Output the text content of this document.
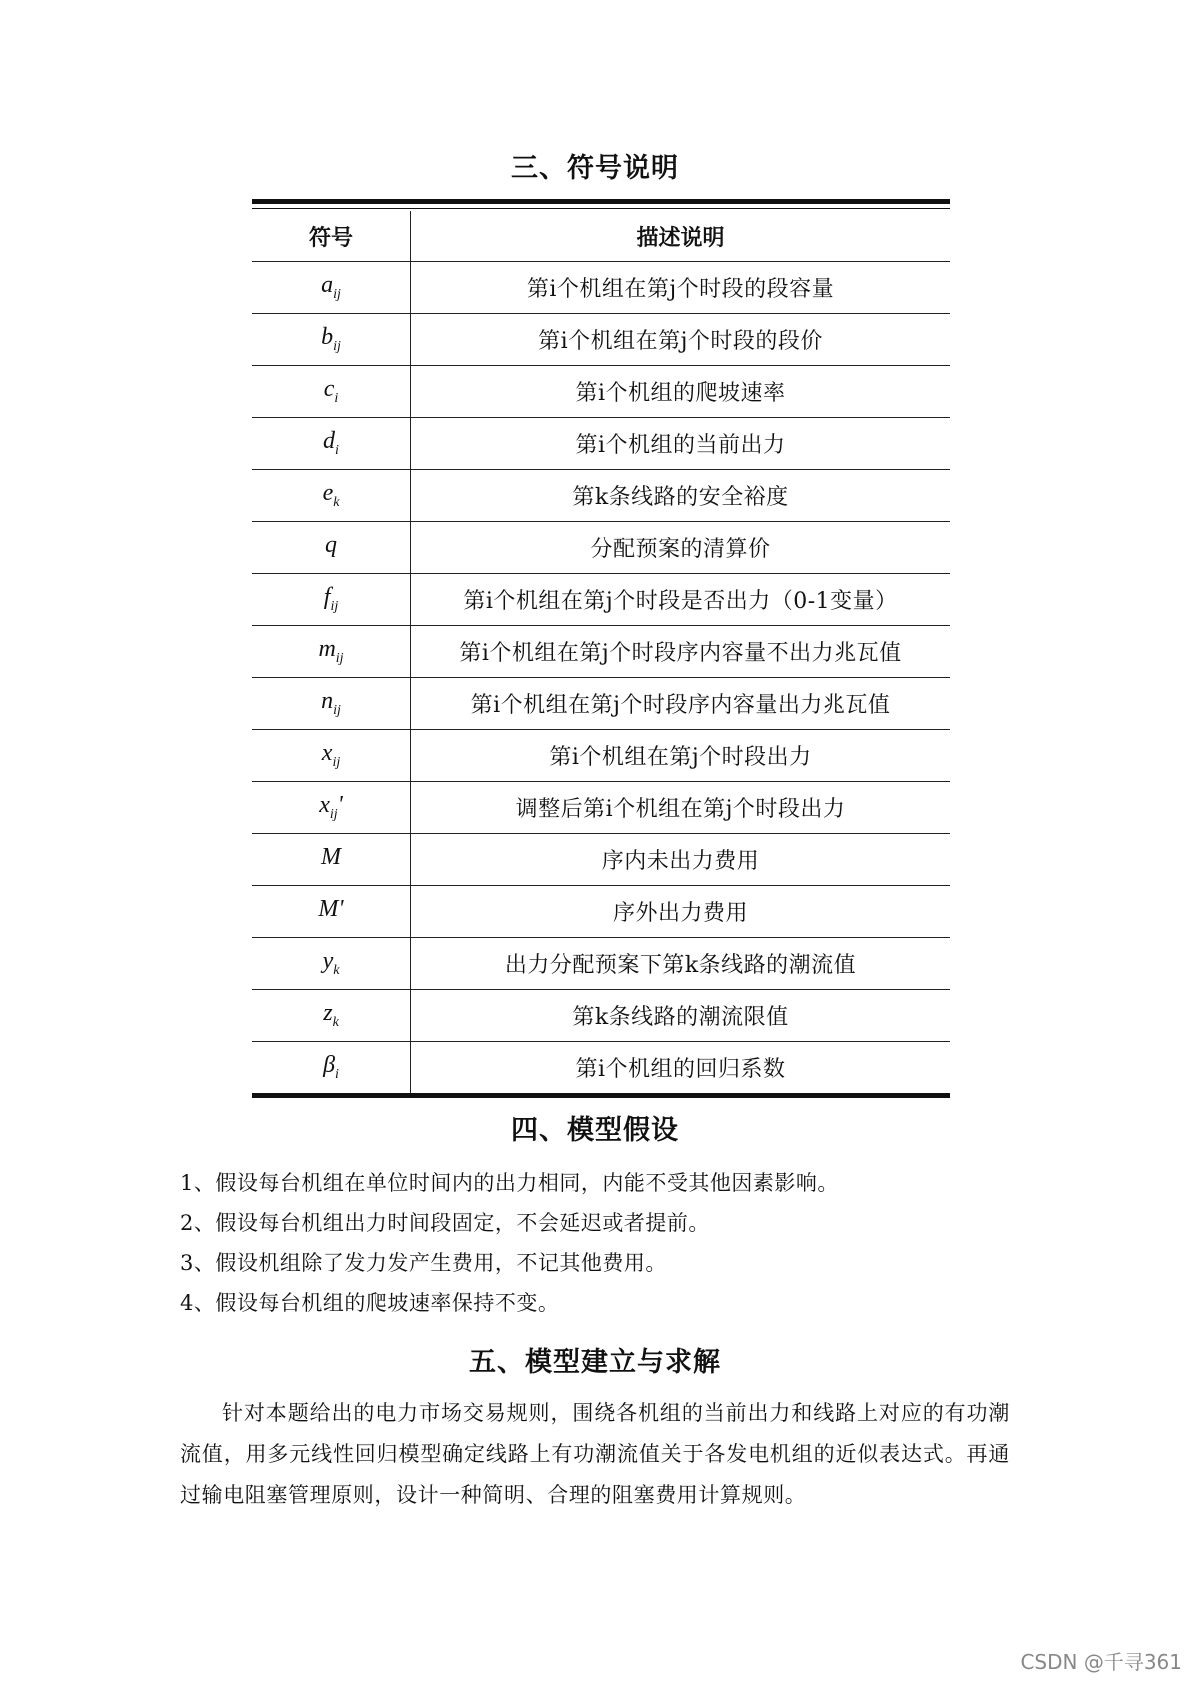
三、符号说明
符号	描述说明
$a_{ij}$	第i个机组在第j个时段的段容量
$b_{ij}$	第i个机组在第j个时段的段价
$c_i$	第i个机组的爬坡速率
$d_i$	第i个机组的当前出力
$e_k$	第k条线路的安全裕度
q	分配预案的清算价
$f_{ij}$	第i个机组在第j个时段是否出力（0-1变量）
$m_{ij}$	第i个机组在第j个时段序内容量不出力兆瓦值
$n_{ij}$	第i个机组在第j个时段序内容量出力兆瓦值
$x_{ij}$	第i个机组在第j个时段出力
$x_{ij}'$	调整后第i个机组在第j个时段出力
M	序内未出力费用
M'	序外出力费用
$y_k$	出力分配预案下第k条线路的潮流值
$z_k$	第k条线路的潮流限值
$\beta_i$	第i个机组的回归系数
四、模型假设
1、假设每台机组在单位时间内的出力相同，内能不受其他因素影响。
2、假设每台机组出力时间段固定，不会延迟或者提前。
3、假设机组除了发力发产生费用，不记其他费用。
4、假设每台机组的爬坡速率保持不变。
五、模型建立与求解

针对本题给出的电力市场交易规则，围绕各机组的当前出力和线路上对应的有功潮流值，用多元线性回归模型确定线路上有功潮流值关于各发电机组的近似表达式。再通过输电阻塞管理原则，设计一种简明、合理的阻塞费用计算规则。

CSDN @千寻361
